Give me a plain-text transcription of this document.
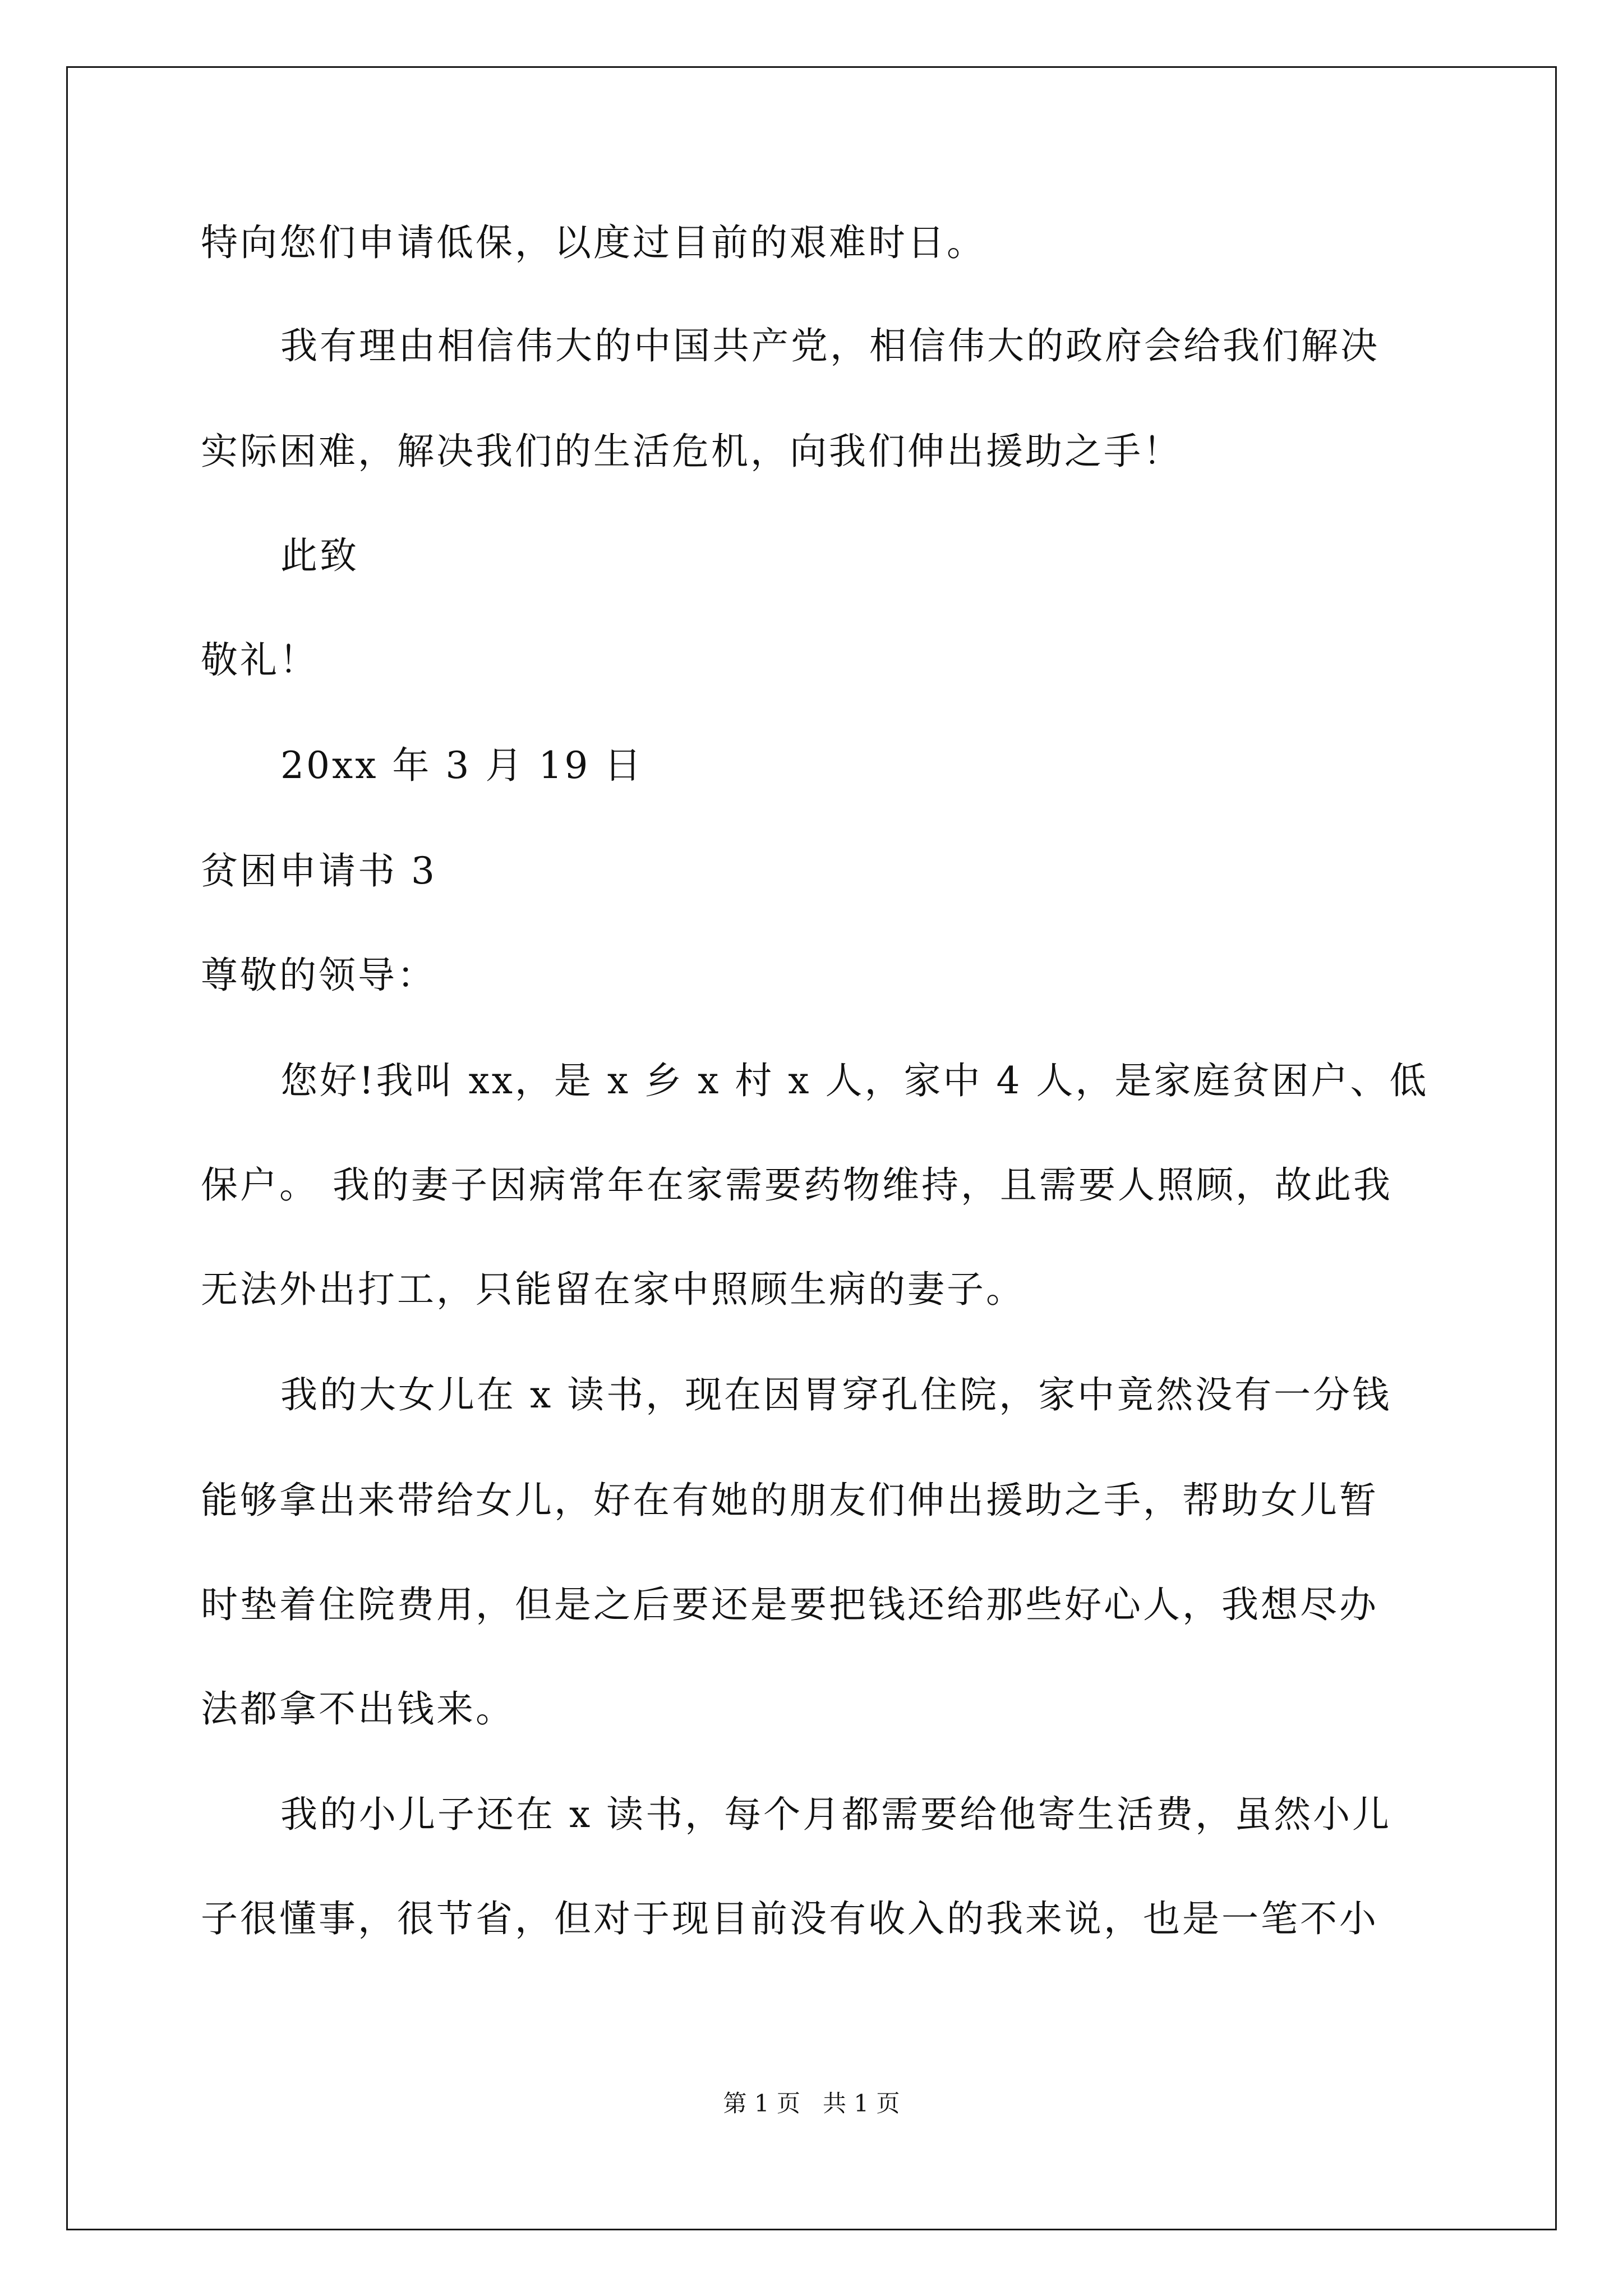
特向您们申请低保，以度过目前的艰难时日。
我有理由相信伟大的中国共产党，相信伟大的政府会给我们解决
实际困难，解决我们的生活危机，向我们伸出援助之手！
此致
敬礼！
20xx 年 3 月 19 日
贫困申请书 3
尊敬的领导：
您好!我叫 xx，是 x 乡 x 村 x 人，家中 4 人，是家庭贫困户、低
保户。 我的妻子因病常年在家需要药物维持，且需要人照顾，故此我
无法外出打工，只能留在家中照顾生病的妻子。
我的大女儿在 x 读书，现在因胃穿孔住院，家中竟然没有一分钱
能够拿出来带给女儿，好在有她的朋友们伸出援助之手，帮助女儿暂
时垫着住院费用，但是之后要还是要把钱还给那些好心人，我想尽办
法都拿不出钱来。
我的小儿子还在 x 读书，每个月都需要给他寄生活费，虽然小儿
子很懂事，很节省，但对于现目前没有收入的我来说，也是一笔不小
第 1 页   共 1 页
